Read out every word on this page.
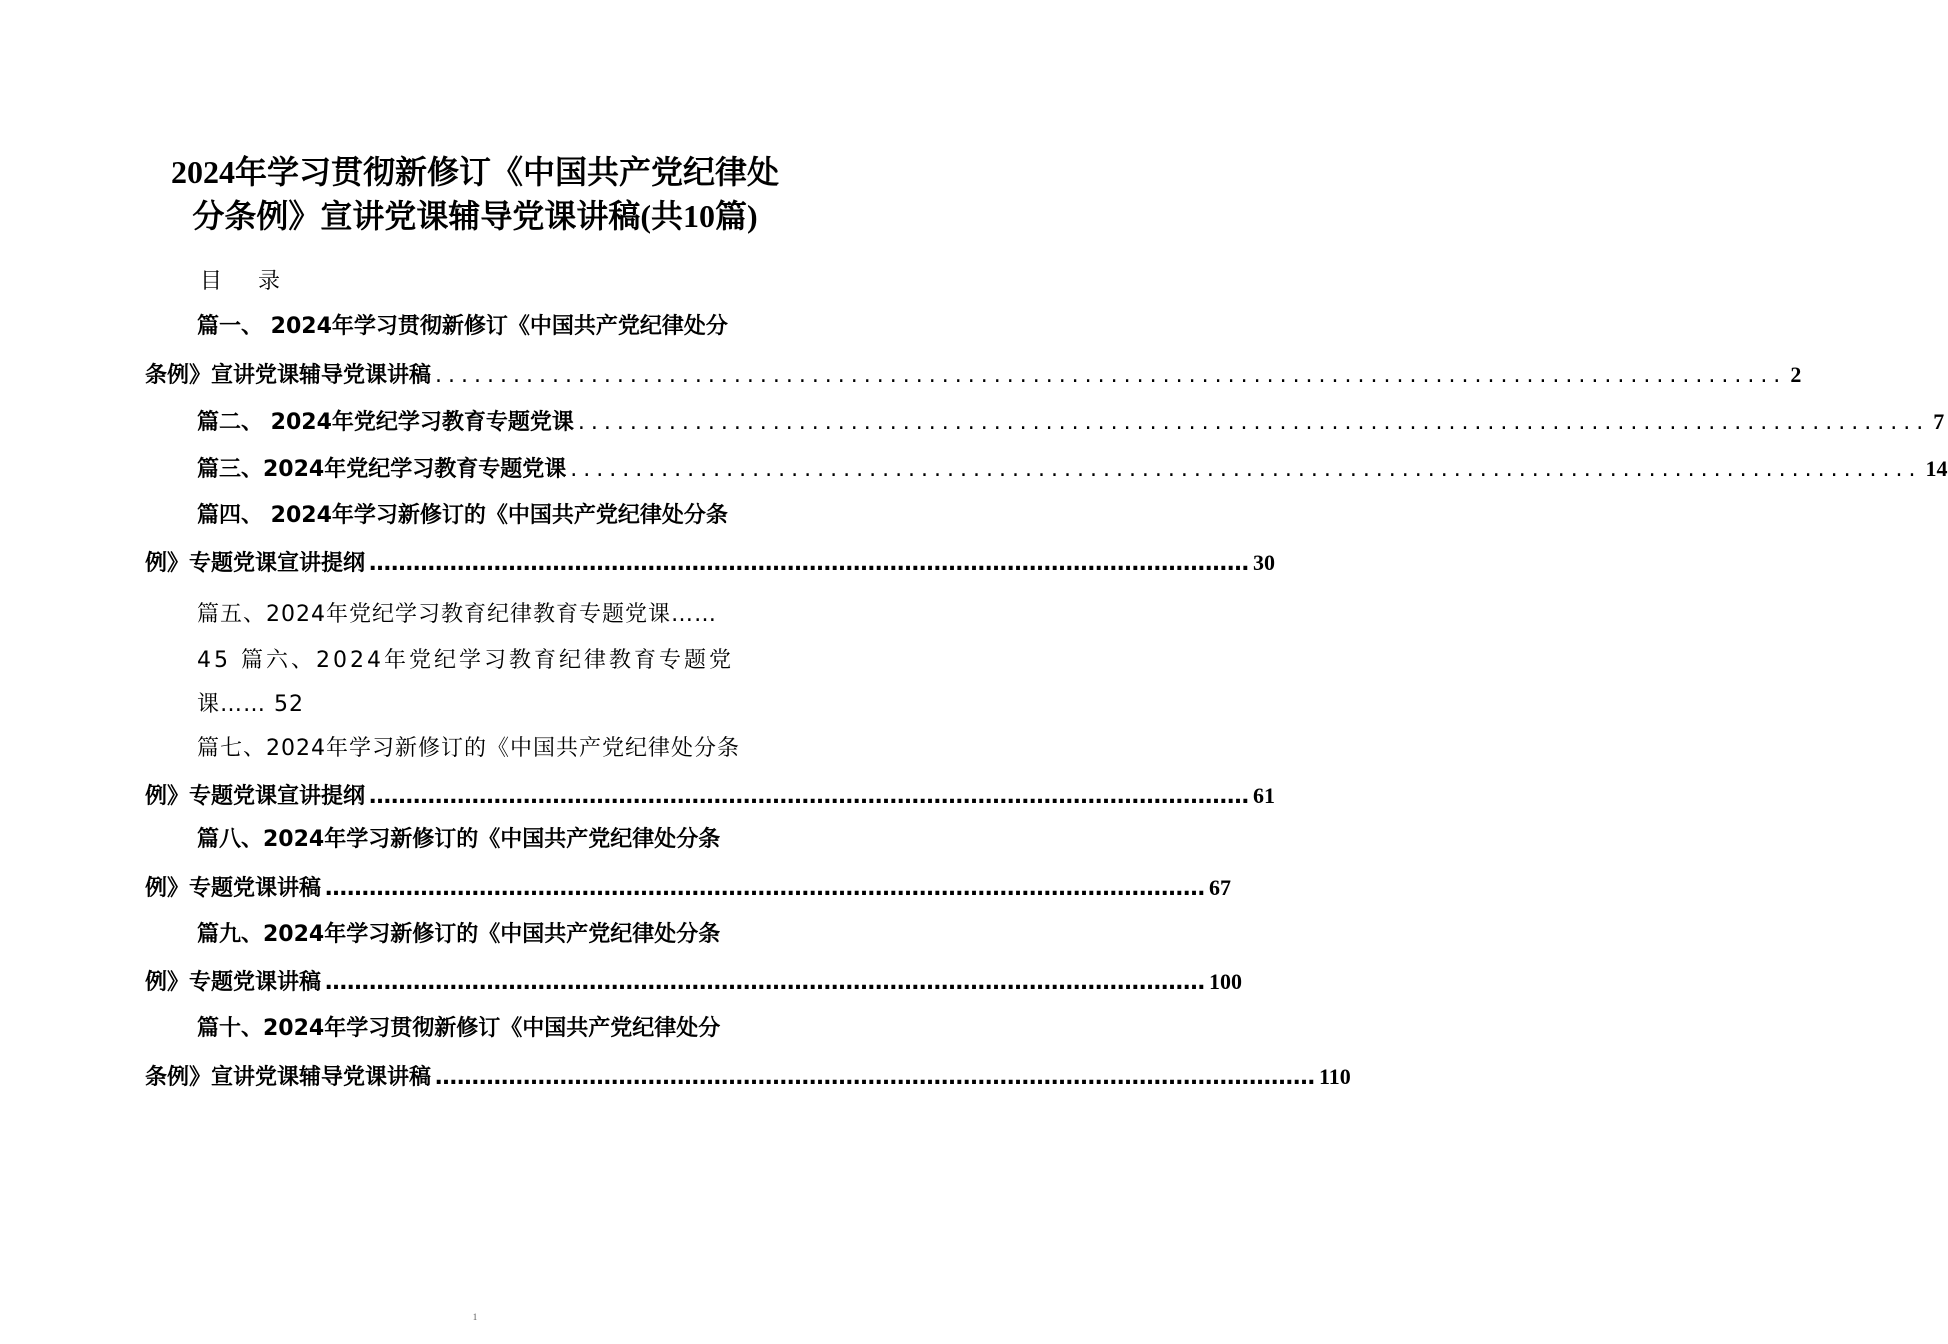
2024年学习贯彻新修订《中国共产党纪律处
分条例》宣讲党课辅导党课讲稿(共10篇)
目录
篇一、 2024年学习贯彻新修订《中国共产党纪律处分
条例》宣讲党课辅导党课讲稿 ........................................................................................................ 2
篇二、 2024年党纪学习教育专题党课 ........................................................................................................ 7
篇三、2024年党纪学习教育专题党课 ........................................................................................................ 14
篇四、 2024年学习新修订的《中国共产党纪律处分条
例》专题党课宣讲提纲 ………………………………………………………………………………………………………… 30
篇五、2024年党纪学习教育纪律教育专题党课……
45 篇六、2024年党纪学习教育纪律教育专题党
课…… 52
篇七、2024年学习新修订的《中国共产党纪律处分条
例》专题党课宣讲提纲 ………………………………………………………………………………………………………… 61
篇八、2024年学习新修订的《中国共产党纪律处分条
例》专题党课讲稿 ………………………………………………………………………………………………………… 67
篇九、2024年学习新修订的《中国共产党纪律处分条
例》专题党课讲稿 ………………………………………………………………………………………………………… 100
篇十、2024年学习贯彻新修订《中国共产党纪律处分
条例》宣讲党课辅导党课讲稿 ………………………………………………………………………………………………………… 110
1
